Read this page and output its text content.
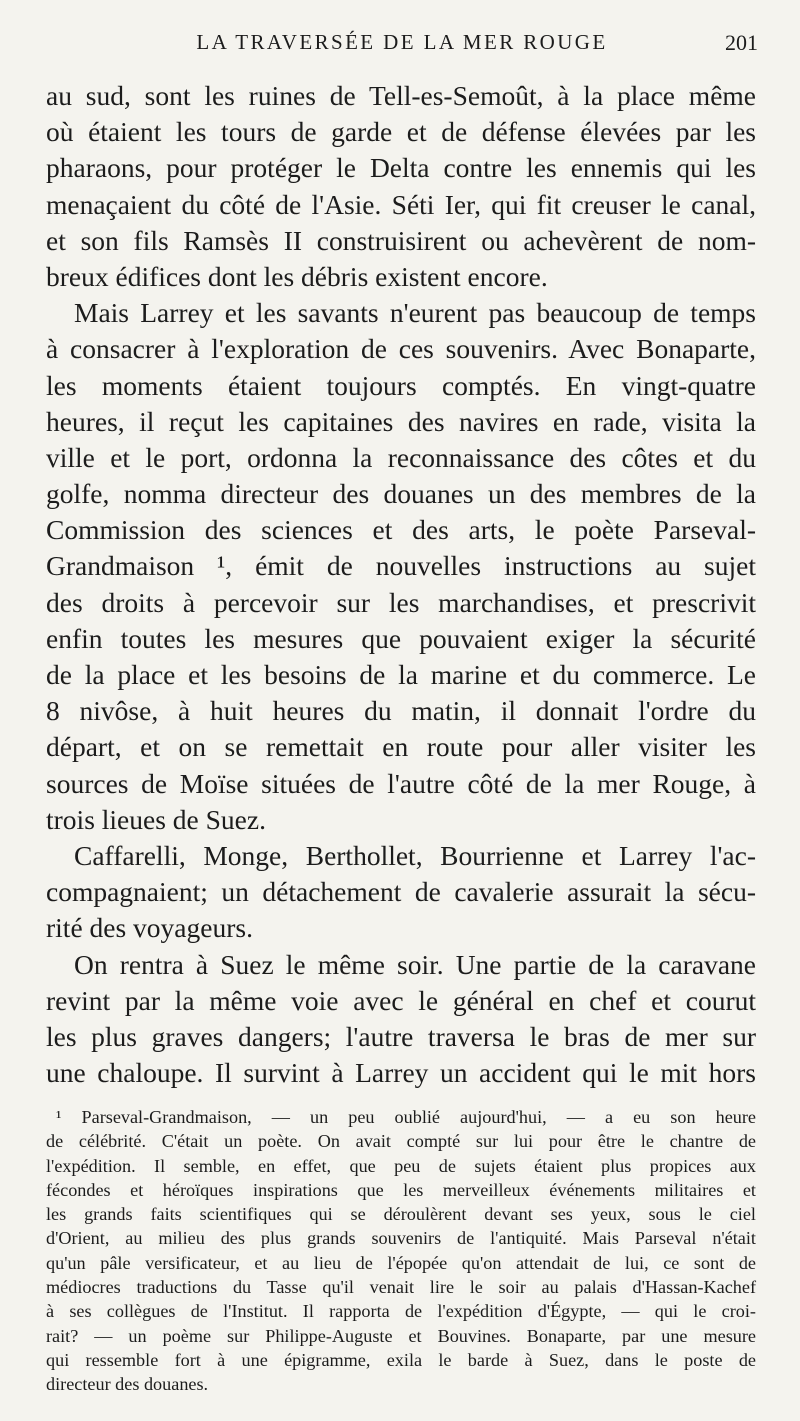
LA TRAVERSÉE DE LA MER ROUGE	201
au sud, sont les ruines de Tell-es-Semoût, à la place même
où étaient les tours de garde et de défense élevées par les
pharaons, pour protéger le Delta contre les ennemis qui les
menaçaient du côté de l'Asie. Séti Ier, qui fit creuser le canal,
et son fils Ramsès II construisirent ou achevèrent de nom-
breux édifices dont les débris existent encore.
Mais Larrey et les savants n'eurent pas beaucoup de temps
à consacrer à l'exploration de ces souvenirs. Avec Bonaparte,
les moments étaient toujours comptés. En vingt-quatre
heures, il reçut les capitaines des navires en rade, visita la
ville et le port, ordonna la reconnaissance des côtes et du
golfe, nomma directeur des douanes un des membres de la
Commission des sciences et des arts, le poète Parseval-
Grandmaison ¹, émit de nouvelles instructions au sujet
des droits à percevoir sur les marchandises, et prescrivit
enfin toutes les mesures que pouvaient exiger la sécurité
de la place et les besoins de la marine et du commerce. Le
8 nivôse, à huit heures du matin, il donnait l'ordre du
départ, et on se remettait en route pour aller visiter les
sources de Moïse situées de l'autre côté de la mer Rouge, à
trois lieues de Suez.
Caffarelli, Monge, Berthollet, Bourrienne et Larrey l'ac-
compagnaient; un détachement de cavalerie assurait la sécu-
rité des voyageurs.
On rentra à Suez le même soir. Une partie de la caravane
revint par la même voie avec le général en chef et courut
les plus graves dangers; l'autre traversa le bras de mer sur
une chaloupe. Il survint à Larrey un accident qui le mit hors
¹ Parseval-Grandmaison, — un peu oublié aujourd'hui, — a eu son heure
de célébrité. C'était un poète. On avait compté sur lui pour être le chantre de
l'expédition. Il semble, en effet, que peu de sujets étaient plus propices aux
fécondes et héroïques inspirations que les merveilleux événements militaires et
les grands faits scientifiques qui se déroulèrent devant ses yeux, sous le ciel
d'Orient, au milieu des plus grands souvenirs de l'antiquité. Mais Parseval n'était
qu'un pâle versificateur, et au lieu de l'épopée qu'on attendait de lui, ce sont de
médiocres traductions du Tasse qu'il venait lire le soir au palais d'Hassan-Kachef
à ses collègues de l'Institut. Il rapporta de l'expédition d'Égypte, — qui le croi-
rait? — un poème sur Philippe-Auguste et Bouvines. Bonaparte, par une mesure
qui ressemble fort à une épigramme, exila le barde à Suez, dans le poste de
directeur des douanes.
